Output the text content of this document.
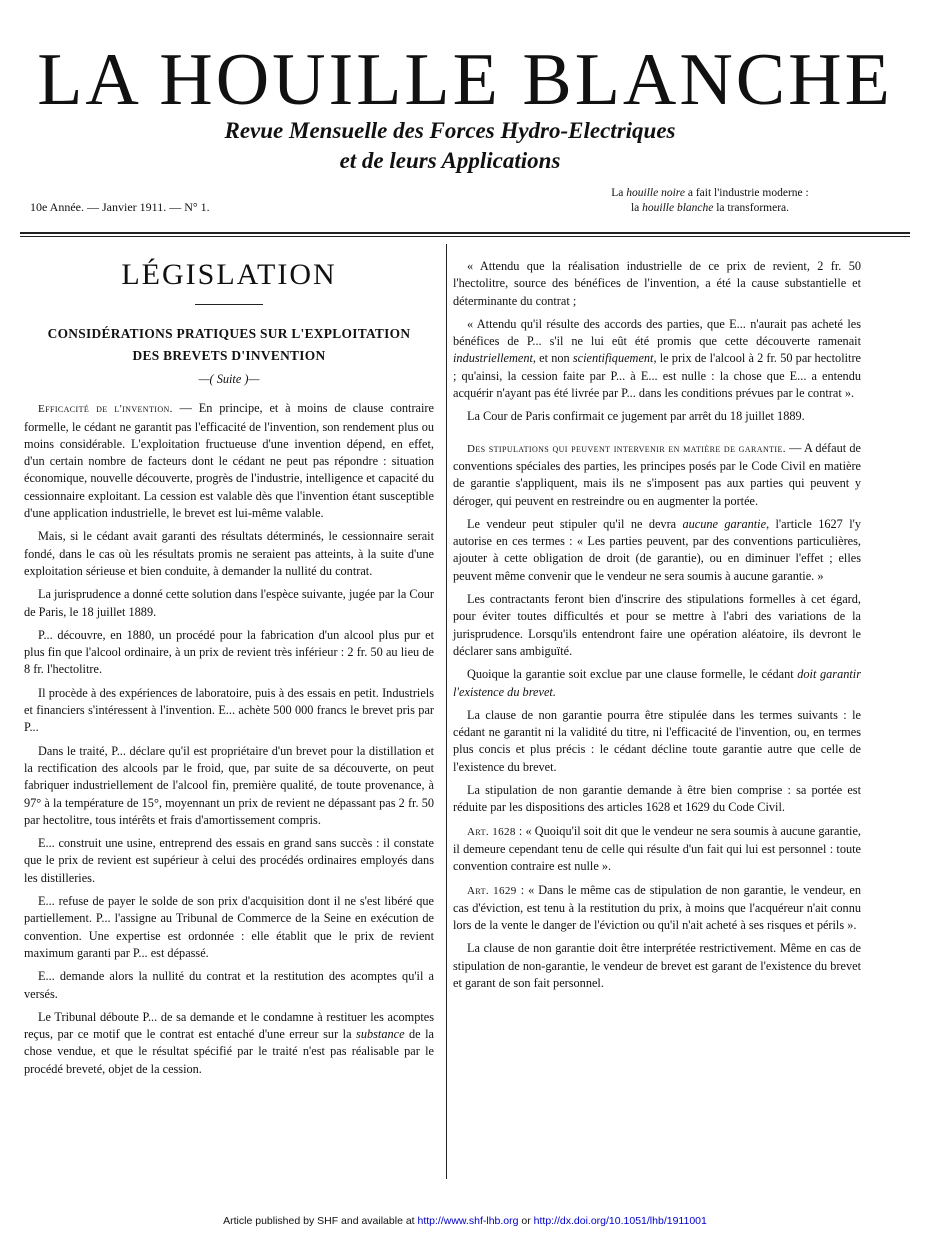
LA HOUILLE BLANCHE
Revue Mensuelle des Forces Hydro-Electriques
et de leurs Applications
10e Année. — Janvier 1911. — N° 1.
La houille noire a fait l'industrie moderne :
la houille blanche la transformera.
LÉGISLATION
CONSIDÉRATIONS PRATIQUES SUR L'EXPLOITATION
DES BREVETS D'INVENTION
—( Suite )—

Efficacité de l'invention. — En principe, et à moins de clause contraire formelle, le cédant ne garantit pas l'efficacité de l'invention, son rendement plus ou moins considérable. L'exploitation fructueuse d'une invention dépend, en effet, d'un certain nombre de facteurs dont le cédant ne peut pas répondre : situation économique, nouvelle découverte, progrès de l'industrie, intelligence et capacité du cessionnaire exploitant. La cession est valable dès que l'invention étant susceptible d'une application industrielle, le brevet est lui-même valable.

Mais, si le cédant avait garanti des résultats déterminés, le cessionnaire serait fondé, dans le cas où les résultats promis ne seraient pas atteints, à la suite d'une exploitation sérieuse et bien conduite, à demander la nullité du contrat.

La jurisprudence a donné cette solution dans l'espèce suivante, jugée par la Cour de Paris, le 18 juillet 1889.

P... découvre, en 1880, un procédé pour la fabrication d'un alcool plus pur et plus fin que l'alcool ordinaire, à un prix de revient très inférieur : 2 fr. 50 au lieu de 8 fr. l'hectolitre.

Il procède à des expériences de laboratoire, puis à des essais en petit. Industriels et financiers s'intéressent à l'invention. E... achète 500 000 francs le brevet pris par P...

Dans le traité, P... déclare qu'il est propriétaire d'un brevet pour la distillation et la rectification des alcools par le froid, que, par suite de sa découverte, on peut fabriquer industriellement de l'alcool fin, première qualité, de toute provenance, à 97° à la température de 15°, moyennant un prix de revient ne dépassant pas 2 fr. 50 par hectolitre, tous intérêts et frais d'amortissement compris.

E... construit une usine, entreprend des essais en grand sans succès : il constate que le prix de revient est supérieur à celui des procédés ordinaires employés dans les distilleries.

E... refuse de payer le solde de son prix d'acquisition dont il ne s'est libéré que partiellement. P... l'assigne au Tribunal de Commerce de la Seine en exécution de convention. Une expertise est ordonnée : elle établit que le prix de revient maximum garanti par P... est dépassé.

E... demande alors la nullité du contrat et la restitution des acomptes qu'il a versés.

Le Tribunal déboute P... de sa demande et le condamne à restituer les acomptes reçus, par ce motif que le contrat est entaché d'une erreur sur la substance de la chose vendue, et que le résultat spécifié par le traité n'est pas réalisable par le procédé breveté, objet de la cession.

« Attendu que la réalisation industrielle de ce prix de revient, 2 fr. 50 l'hectolitre, source des bénéfices de l'invention, a été la cause substantielle et déterminante du contrat ;

« Attendu qu'il résulte des accords des parties, que E... n'aurait pas acheté les bénéfices de P... s'il ne lui eût été promis que cette découverte ramenait industriellement, et non scientifiquement, le prix de l'alcool à 2 fr. 50 par hectolitre ; qu'ainsi, la cession faite par P... à E... est nulle : la chose que E... a entendu acquérir n'ayant pas été livrée par P... dans les conditions prévues par le contrat ».

La Cour de Paris confirmait ce jugement par arrêt du 18 juillet 1889.

Des stipulations qui peuvent intervenir en matière de garantie. — A défaut de conventions spéciales des parties, les principes posés par le Code Civil en matière de garantie s'appliquent, mais ils ne s'imposent pas aux parties qui peuvent y déroger, qui peuvent en restreindre ou en augmenter la portée.

Le vendeur peut stipuler qu'il ne devra aucune garantie, l'article 1627 l'y autorise en ces termes : « Les parties peuvent, par des conventions particulières, ajouter à cette obligation de droit (de garantie), ou en diminuer l'effet ; elles peuvent même convenir que le vendeur ne sera soumis à aucune garantie. »

Les contractants feront bien d'inscrire des stipulations formelles à cet égard, pour éviter toutes difficultés et pour se mettre à l'abri des variations de la jurisprudence. Lorsqu'ils entendront faire une opération aléatoire, ils devront le déclarer sans ambiguïté.

Quoique la garantie soit exclue par une clause formelle, le cédant doit garantir l'existence du brevet.

La clause de non garantie pourra être stipulée dans les termes suivants : le cédant ne garantit ni la validité du titre, ni l'efficacité de l'invention, ou, en termes plus concis et plus précis : le cédant décline toute garantie autre que celle de l'existence du brevet.

La stipulation de non garantie demande à être bien comprise : sa portée est réduite par les dispositions des articles 1628 et 1629 du Code Civil.

Art. 1628 : « Quoiqu'il soit dit que le vendeur ne sera soumis à aucune garantie, il demeure cependant tenu de celle qui résulte d'un fait qui lui est personnel : toute convention contraire est nulle ».

Art. 1629 : « Dans le même cas de stipulation de non garantie, le vendeur, en cas d'éviction, est tenu à la restitution du prix, à moins que l'acquéreur n'ait connu lors de la vente le danger de l'éviction ou qu'il n'ait acheté à ses risques et périls ».

La clause de non garantie doit être interprétée restrictivement. Même en cas de stipulation de non-garantie, le vendeur de brevet est garant de l'existence du brevet et garant de son fait personnel.

Article published by SHF and available at http://www.shf-lhb.org or http://dx.doi.org/10.1051/lhb/1911001
